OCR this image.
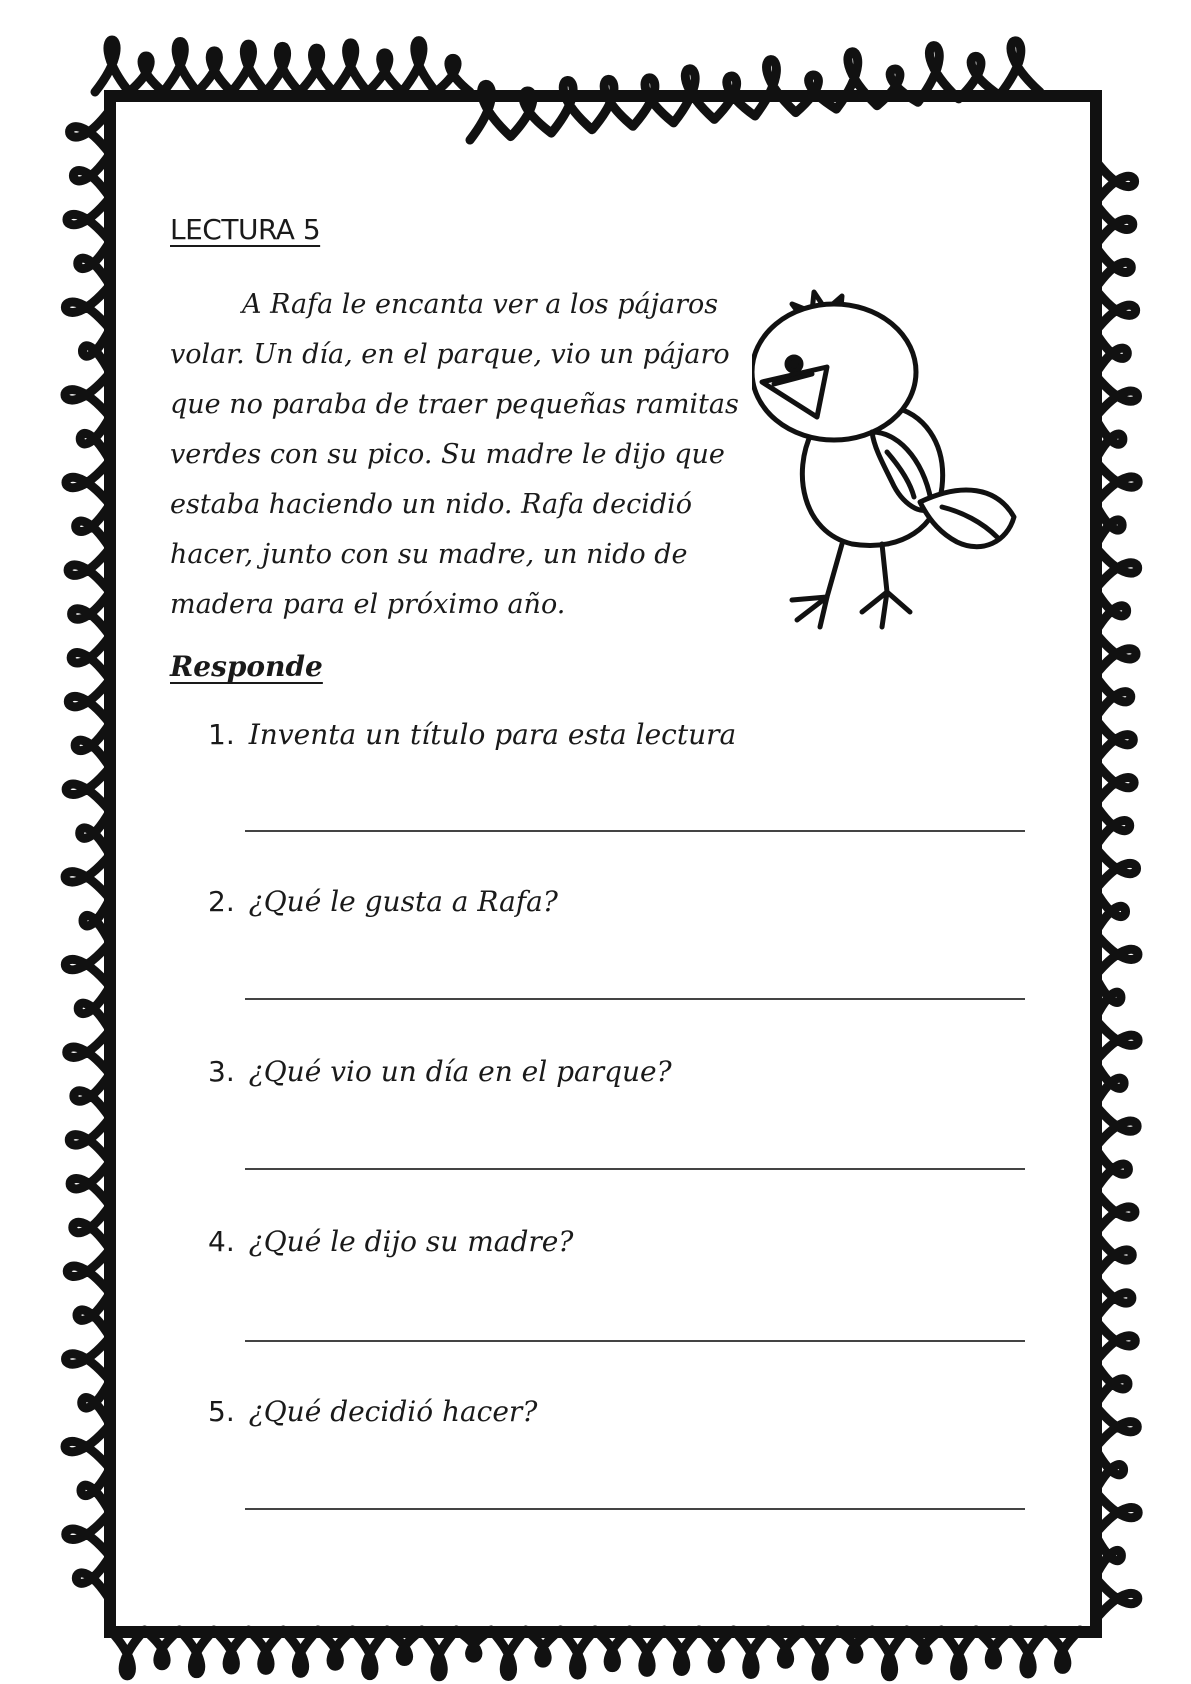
LECTURA 5

A Rafa le encanta ver a los pájaros volar. Un día, en el parque, vio un pájaro que no paraba de traer pequeñas ramitas verdes con su pico. Su madre le dijo que estaba haciendo un nido. Rafa decidió hacer, junto con su madre, un nido de madera para el próximo año.

Responde
1. Inventa un título para esta lectura
2. ¿Qué le gusta a Rafa?
3. ¿Qué vio un día en el parque?
4. ¿Qué le dijo su madre?
5. ¿Qué decidió hacer?
